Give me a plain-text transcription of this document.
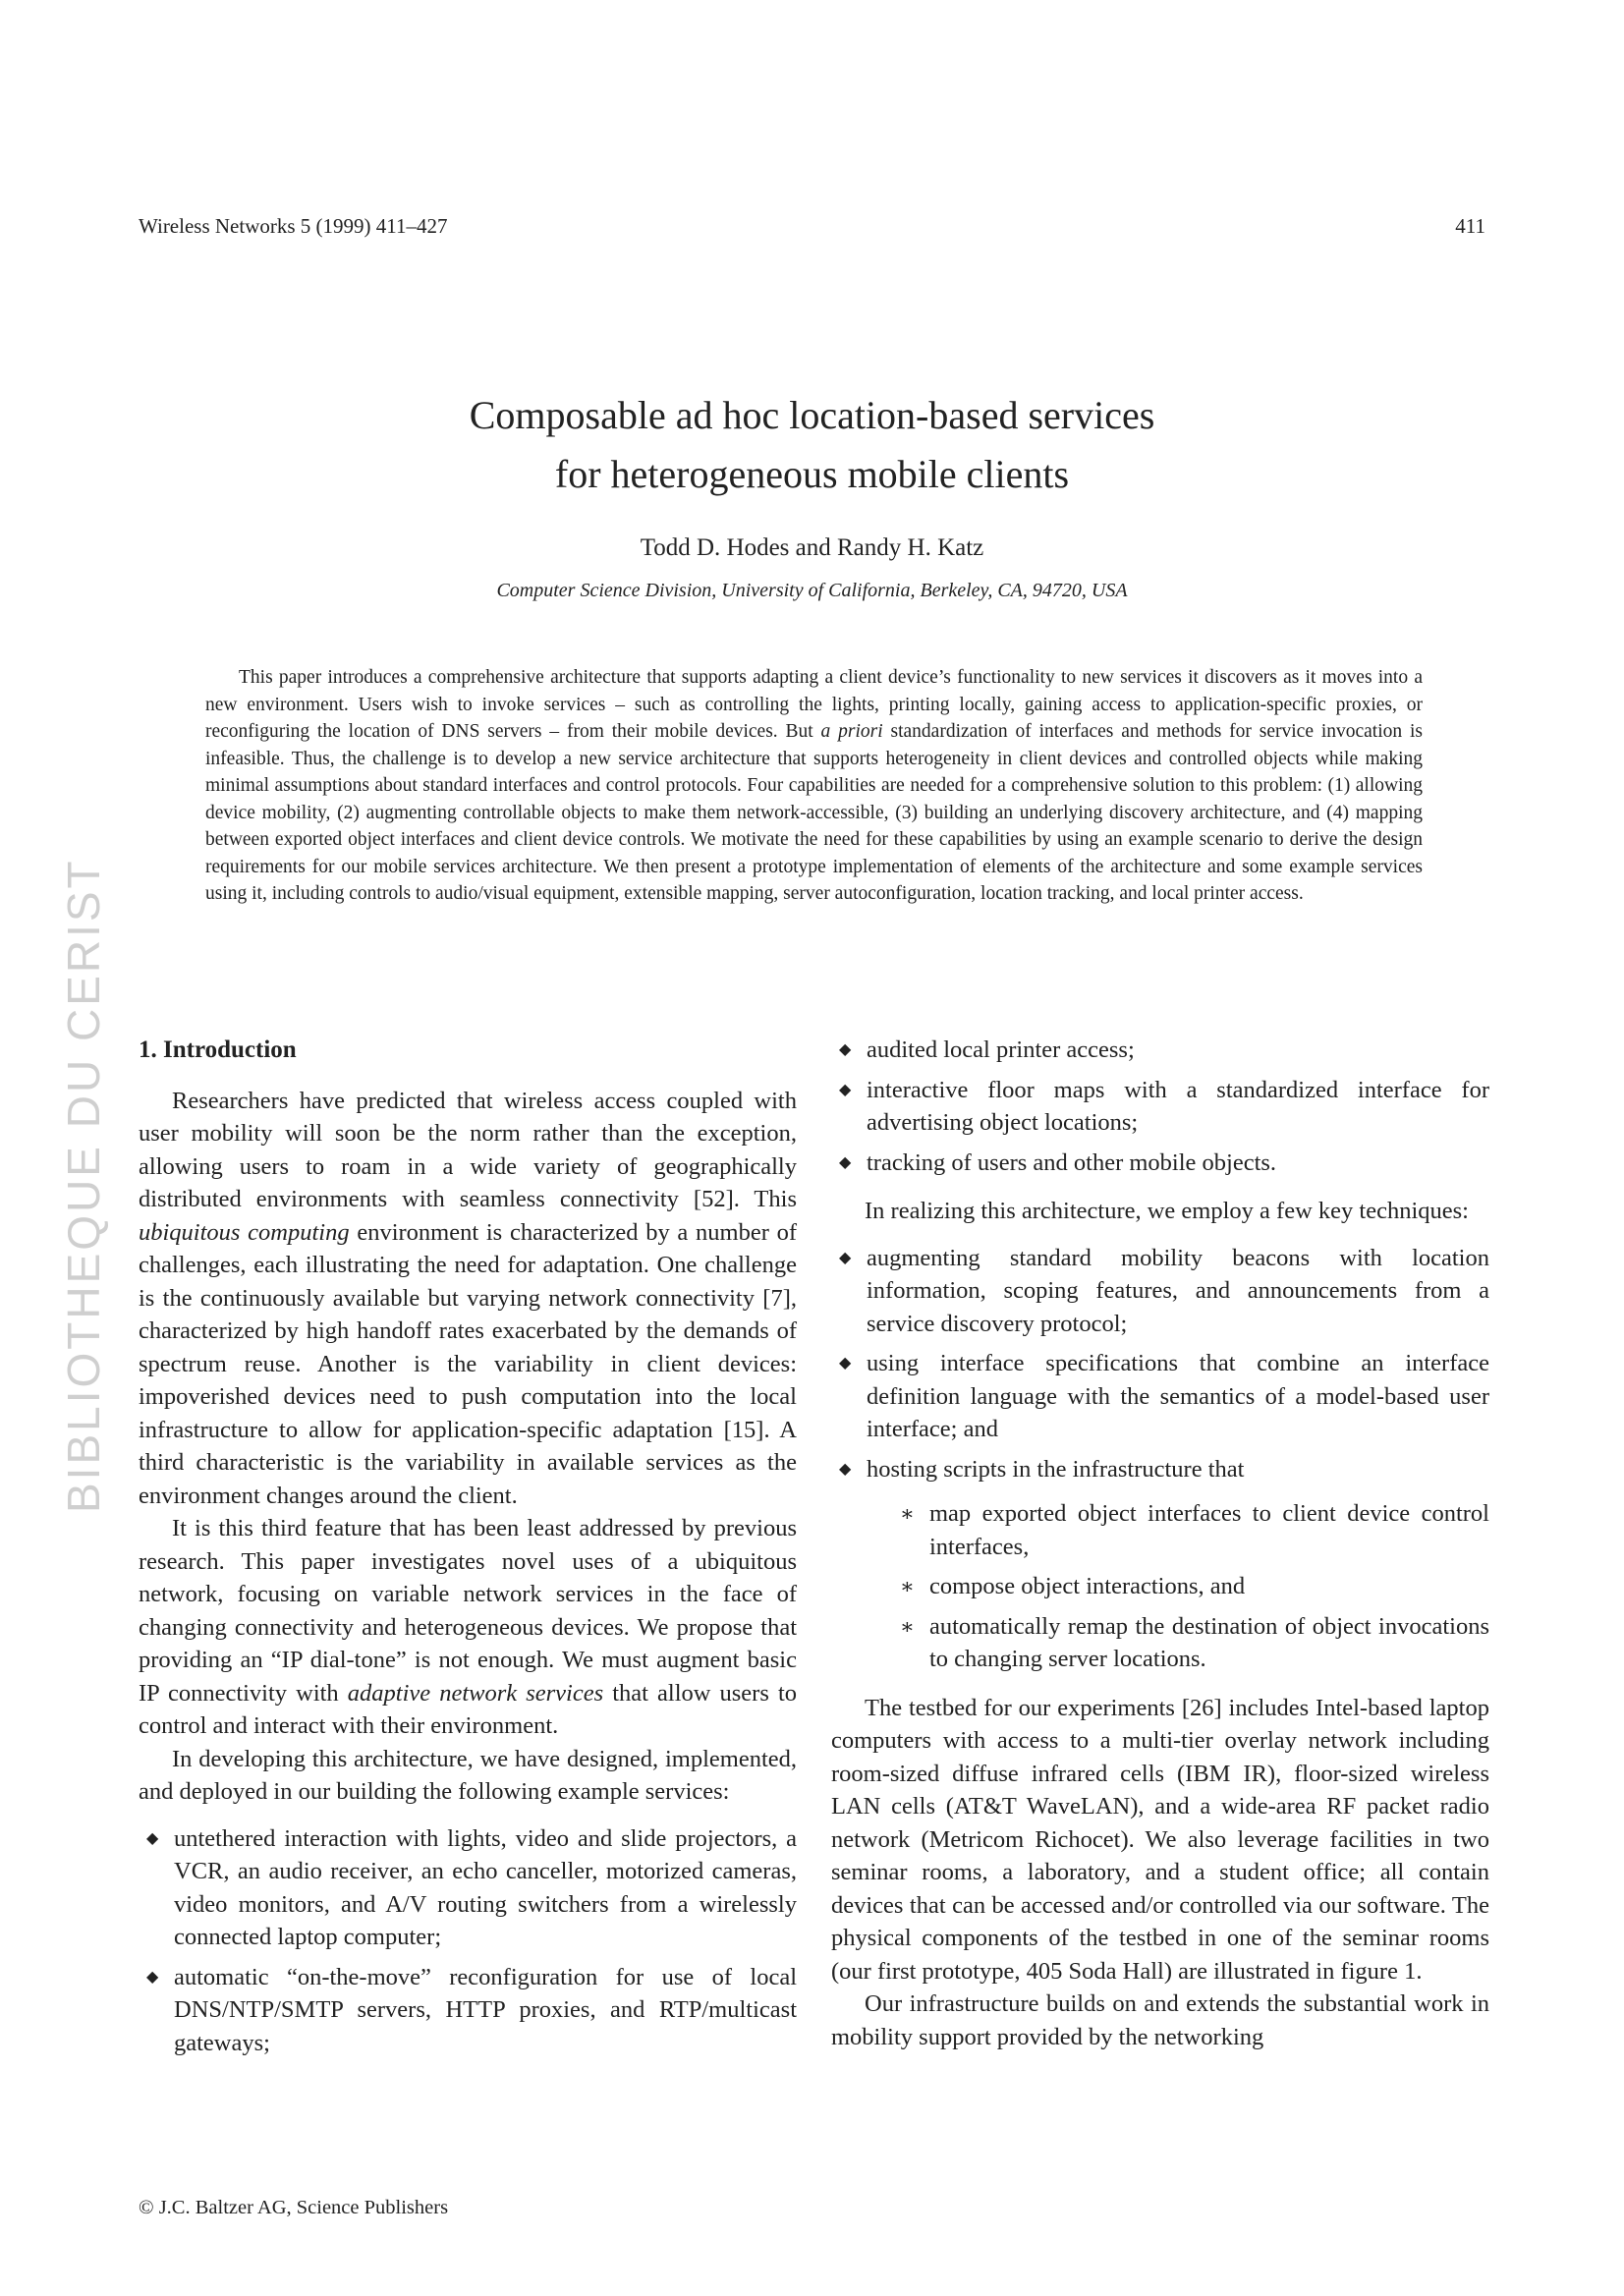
Wireless Networks 5 (1999) 411–427	411
Composable ad hoc location-based services
for heterogeneous mobile clients
Todd D. Hodes and Randy H. Katz
Computer Science Division, University of California, Berkeley, CA, 94720, USA
This paper introduces a comprehensive architecture that supports adapting a client device’s functionality to new services it discovers as it moves into a new environment. Users wish to invoke services – such as controlling the lights, printing locally, gaining access to application-specific proxies, or reconfiguring the location of DNS servers – from their mobile devices. But a priori standardization of interfaces and methods for service invocation is infeasible. Thus, the challenge is to develop a new service architecture that supports heterogeneity in client devices and controlled objects while making minimal assumptions about standard interfaces and control protocols. Four capabilities are needed for a comprehensive solution to this problem: (1) allowing device mobility, (2) augmenting controllable objects to make them network-accessible, (3) building an underlying discovery architecture, and (4) mapping between exported object interfaces and client device controls. We motivate the need for these capabilities by using an example scenario to derive the design requirements for our mobile services architecture. We then present a prototype implementation of elements of the architecture and some example services using it, including controls to audio/visual equipment, extensible mapping, server autoconfiguration, location tracking, and local printer access.
BIBLIOTHEQUE DU CERIST 1. Introduction

Researchers have predicted that wireless access coupled with user mobility will soon be the norm rather than the exception, allowing users to roam in a wide variety of geographically distributed environments with seamless connectivity [52]. This ubiquitous computing environment is characterized by a number of challenges, each illustrating the need for adaptation. One challenge is the continuously available but varying network connectivity [7], characterized by high handoff rates exacerbated by the demands of spectrum reuse. Another is the variability in client devices: impoverished devices need to push computation into the local infrastructure to allow for application-specific adaptation [15]. A third characteristic is the variability in available services as the environment changes around the client.

It is this third feature that has been least addressed by previous research. This paper investigates novel uses of a ubiquitous network, focusing on variable network services in the face of changing connectivity and heterogeneous devices. We propose that providing an “IP dial-tone” is not enough. We must augment basic IP connectivity with adaptive network services that allow users to control and interact with their environment.

In developing this architecture, we have designed, implemented, and deployed in our building the following example services:

◆ untethered interaction with lights, video and slide projectors, a VCR, an audio receiver, an echo canceller, motorized cameras, video monitors, and A/V routing switchers from a wirelessly connected laptop computer;
◆ automatic “on-the-move” reconfiguration for use of local DNS/NTP/SMTP servers, HTTP proxies, and RTP/multicast gateways;
◆ audited local printer access;
◆ interactive floor maps with a standardized interface for advertising object locations;
◆ tracking of users and other mobile objects.

In realizing this architecture, we employ a few key techniques:

◆ augmenting standard mobility beacons with location information, scoping features, and announcements from a service discovery protocol;
◆ using interface specifications that combine an interface definition language with the semantics of a model-based user interface; and
◆ hosting scripts in the infrastructure that
∗ map exported object interfaces to client device control interfaces,
∗ compose object interactions, and
∗ automatically remap the destination of object invocations to changing server locations.

The testbed for our experiments [26] includes Intel-based laptop computers with access to a multi-tier overlay network including room-sized diffuse infrared cells (IBM IR), floor-sized wireless LAN cells (AT&T WaveLAN), and a wide-area RF packet radio network (Metricom Richocet). We also leverage facilities in two seminar rooms, a laboratory, and a student office; all contain devices that can be accessed and/or controlled via our software. The physical components of the testbed in one of the seminar rooms (our first prototype, 405 Soda Hall) are illustrated in figure 1.

Our infrastructure builds on and extends the substantial work in mobility support provided by the networking

© J.C. Baltzer AG, Science Publishers
